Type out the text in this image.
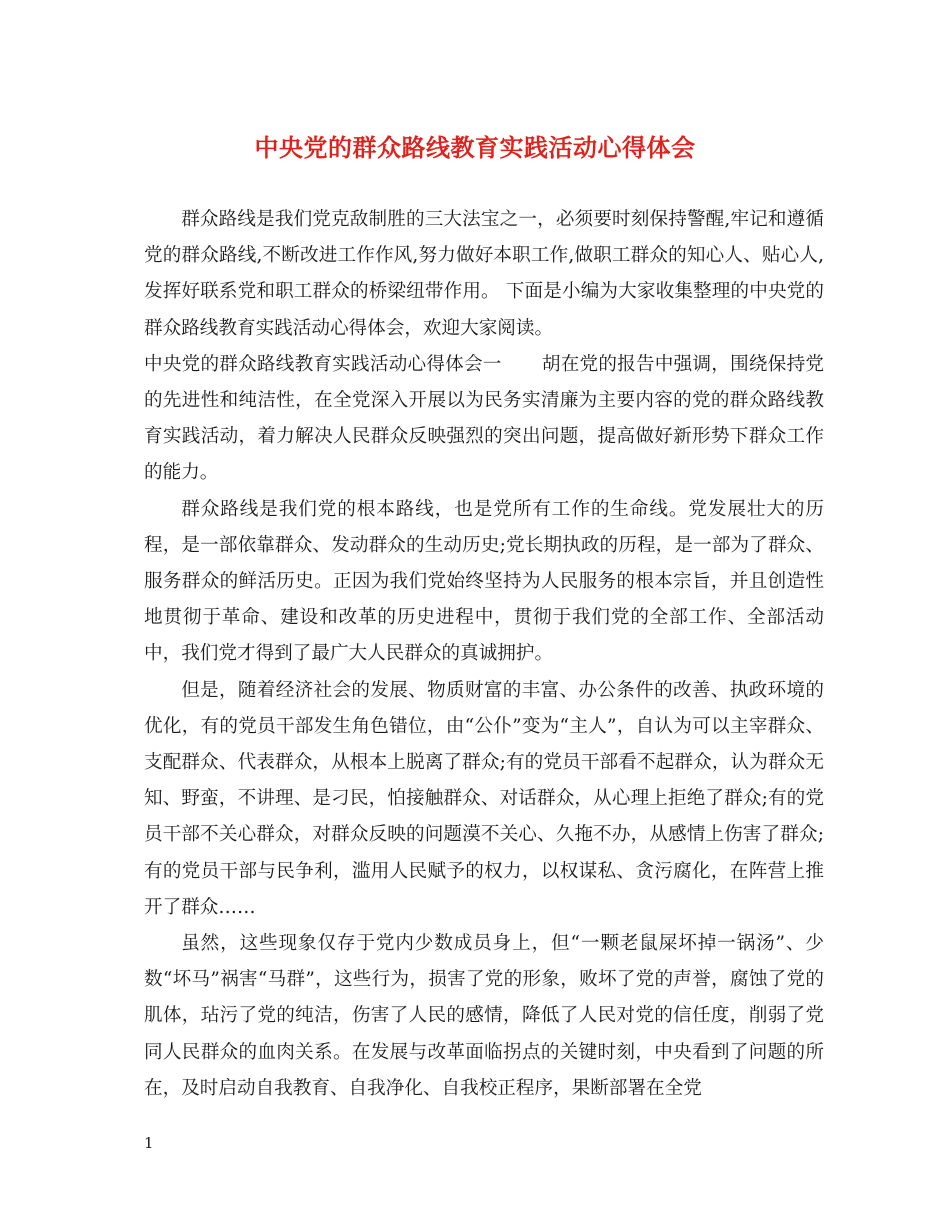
中央党的群众路线教育实践活动心得体会

群众路线是我们党克敌制胜的三大法宝之一，必须要时刻保持警醒,牢记和遵循党的群众路线,不断改进工作作风,努力做好本职工作,做职工群众的知心人、贴心人,发挥好联系党和职工群众的桥梁纽带作用。 下面是小编为大家收集整理的中央党的群众路线教育实践活动心得体会，欢迎大家阅读。

中央党的群众路线教育实践活动心得体会一 胡在党的报告中强调，围绕保持党的先进性和纯洁性，在全党深入开展以为民务实清廉为主要内容的党的群众路线教育实践活动，着力解决人民群众反映强烈的突出问题，提高做好新形势下群众工作的能力。

群众路线是我们党的根本路线，也是党所有工作的生命线。党发展壮大的历程，是一部依靠群众、发动群众的生动历史;党长期执政的历程，是一部为了群众、服务群众的鲜活历史。正因为我们党始终坚持为人民服务的根本宗旨，并且创造性地贯彻于革命、建设和改革的历史进程中，贯彻于我们党的全部工作、全部活动中，我们党才得到了最广大人民群众的真诚拥护。

但是，随着经济社会的发展、物质财富的丰富、办公条件的改善、执政环境的优化，有的党员干部发生角色错位，由“公仆”变为“主人”，自认为可以主宰群众、支配群众、代表群众，从根本上脱离了群众;有的党员干部看不起群众，认为群众无知、野蛮，不讲理、是刁民，怕接触群众、对话群众，从心理上拒绝了群众;有的党员干部不关心群众，对群众反映的问题漠不关心、久拖不办，从感情上伤害了群众;有的党员干部与民争利，滥用人民赋予的权力，以权谋私、贪污腐化，在阵营上推开了群众……

虽然，这些现象仅存于党内少数成员身上，但“一颗老鼠屎坏掉一锅汤”、少数“坏马”祸害“马群”，这些行为，损害了党的形象，败坏了党的声誉，腐蚀了党的肌体，玷污了党的纯洁，伤害了人民的感情，降低了人民对党的信任度，削弱了党同人民群众的血肉关系。在发展与改革面临拐点的关键时刻，中央看到了问题的所在，及时启动自我教育、自我净化、自我校正程序，果断部署在全党

1
